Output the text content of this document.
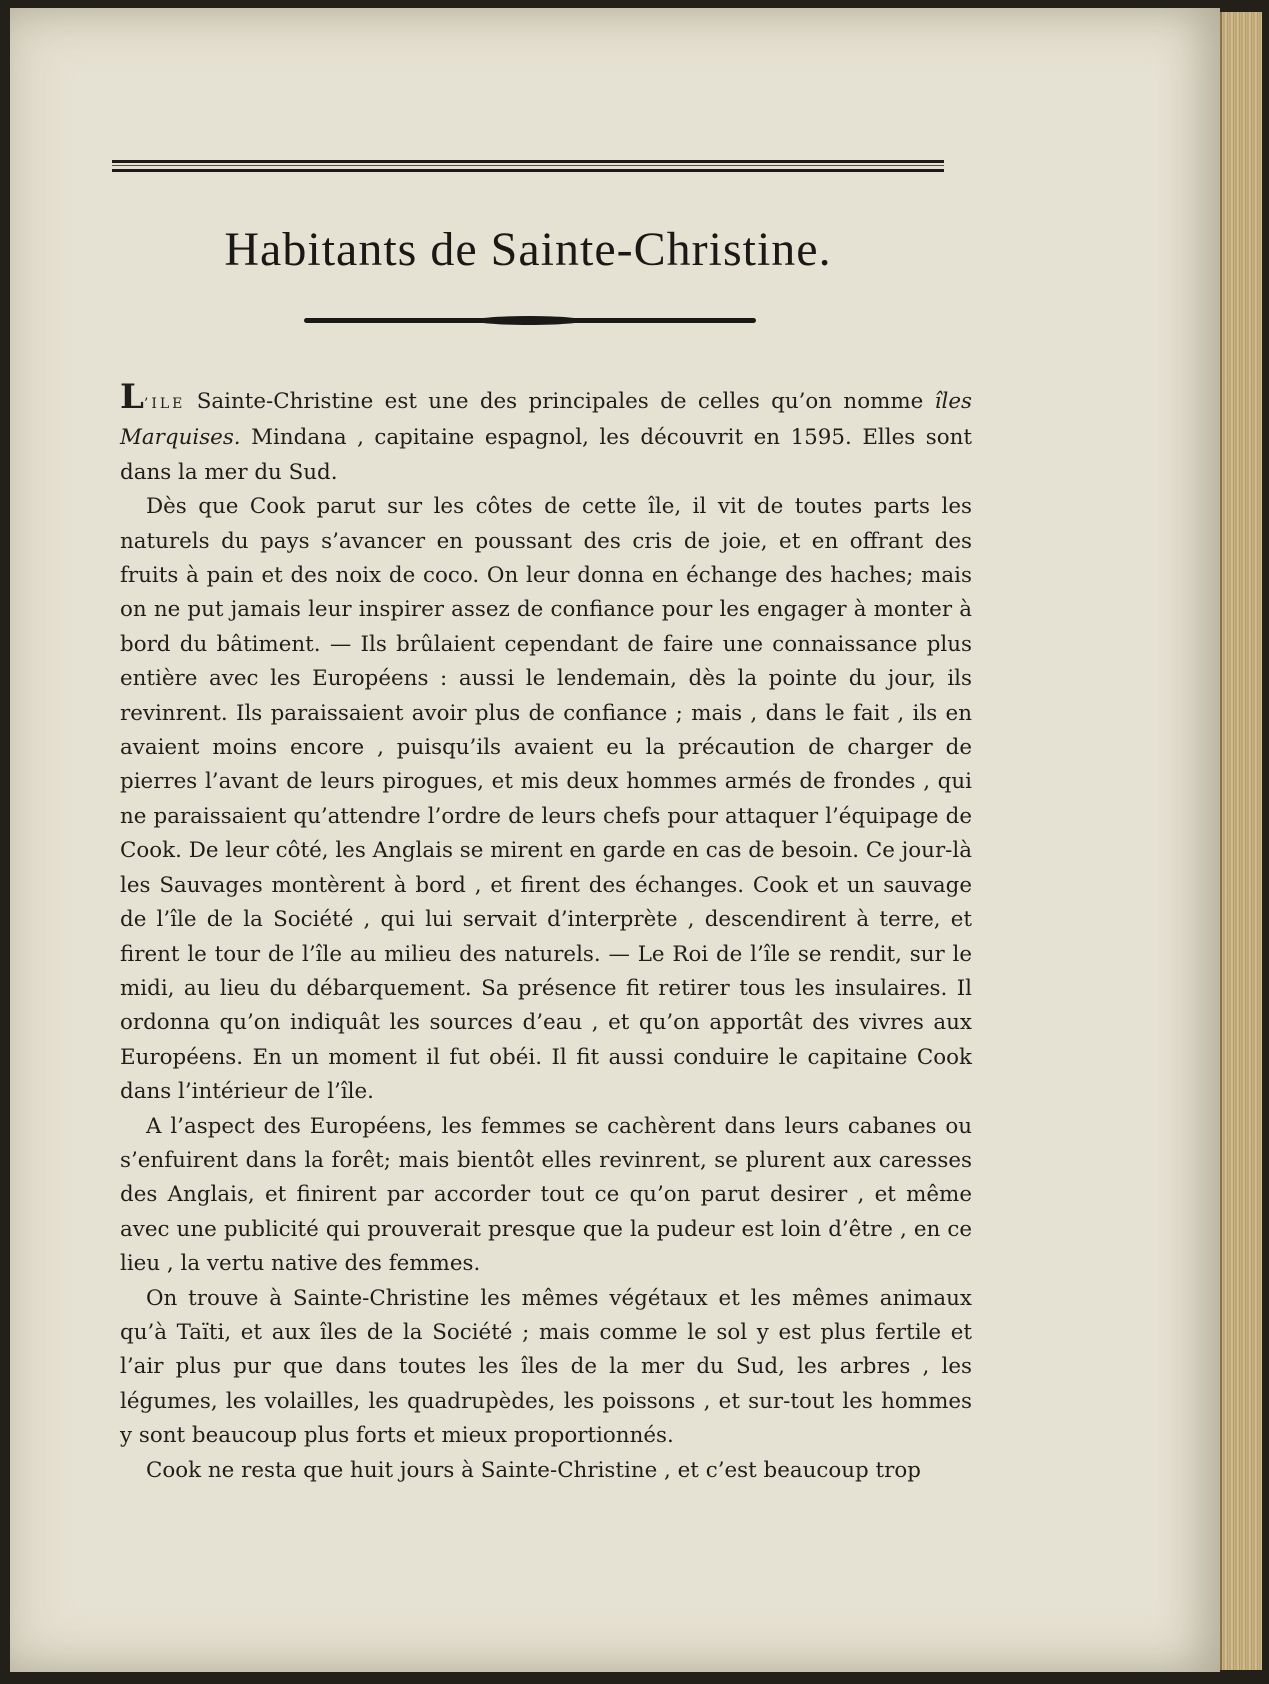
Habitants de Sainte-Christine.

L’ILE Sainte-Christine est une des principales de celles qu’on nomme îles Marquises. Mindana , capitaine espagnol, les découvrit en 1595. Elles sont dans la mer du Sud.

Dès que Cook parut sur les côtes de cette île, il vit de toutes parts les naturels du pays s’avancer en poussant des cris de joie, et en offrant des fruits à pain et des noix de coco. On leur donna en échange des haches; mais on ne put jamais leur inspirer assez de confiance pour les engager à monter à bord du bâtiment. — Ils brûlaient cependant de faire une connaissance plus entière avec les Européens : aussi le lendemain, dès la pointe du jour, ils revinrent. Ils paraissaient avoir plus de confiance ; mais , dans le fait , ils en avaient moins encore , puisqu’ils avaient eu la précaution de charger de pierres l’avant de leurs pirogues, et mis deux hommes armés de frondes , qui ne paraissaient qu’attendre l’ordre de leurs chefs pour attaquer l’équipage de Cook. De leur côté, les Anglais se mirent en garde en cas de besoin. Ce jour-là les Sauvages montèrent à bord , et firent des échanges. Cook et un sauvage de l’île de la Société , qui lui servait d’interprète , descendirent à terre, et firent le tour de l’île au milieu des naturels. — Le Roi de l’île se rendit, sur le midi, au lieu du débarquement. Sa présence fit retirer tous les insulaires. Il ordonna qu’on indiquât les sources d’eau , et qu’on apportât des vivres aux Européens. En un moment il fut obéi. Il fit aussi conduire le capitaine Cook dans l’intérieur de l’île.

A l’aspect des Européens, les femmes se cachèrent dans leurs cabanes ou s’enfuirent dans la forêt; mais bientôt elles revinrent, se plurent aux caresses des Anglais, et finirent par accorder tout ce qu’on parut desirer , et même avec une publicité qui prouverait presque que la pudeur est loin d’être , en ce lieu , la vertu native des femmes.

On trouve à Sainte-Christine les mêmes végétaux et les mêmes animaux qu’à Taïti, et aux îles de la Société ; mais comme le sol y est plus fertile et l’air plus pur que dans toutes les îles de la mer du Sud, les arbres , les légumes, les volailles, les quadrupèdes, les poissons , et sur-tout les hommes y sont beaucoup plus forts et mieux proportionnés.

Cook ne resta que huit jours à Sainte-Christine , et c’est beaucoup trop
